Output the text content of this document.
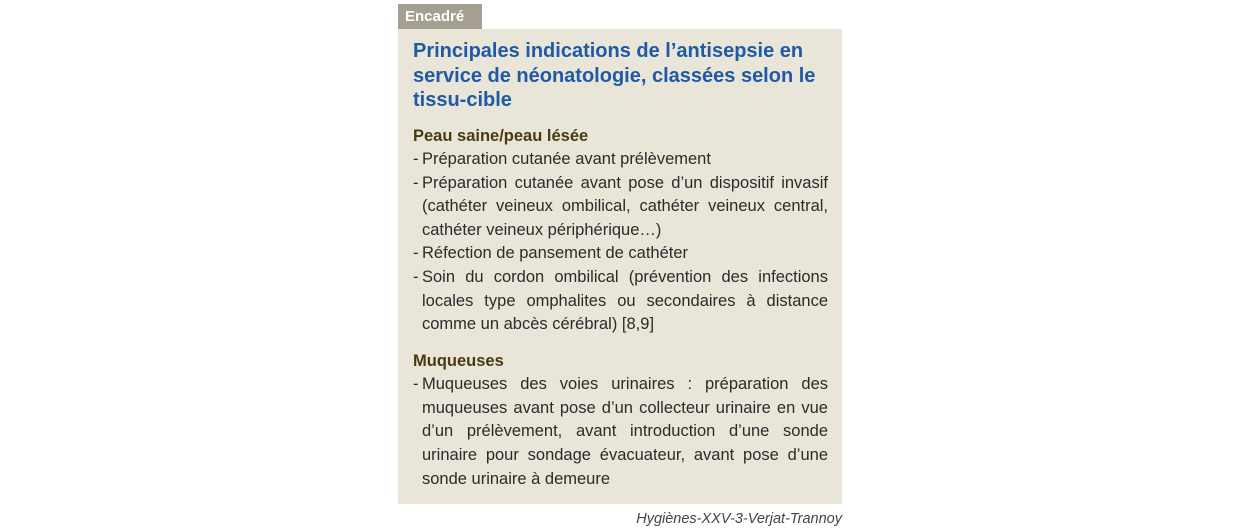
Encadré

Principales indications de l’antisepsie en service de néonatologie, classées selon le tissu-cible

Peau saine/peau lésée

- Préparation cutanée avant prélèvement
- Préparation cutanée avant pose d’un dispositif invasif (cathéter veineux ombilical, cathéter veineux central, cathéter veineux périphérique…)
- Réfection de pansement de cathéter
- Soin du cordon ombilical (prévention des infections locales type omphalites ou secondaires à distance comme un abcès cérébral) [8,9]

Muqueuses

- Muqueuses des voies urinaires : préparation des muqueuses avant pose d’un collecteur urinaire en vue d’un prélèvement, avant introduction d’une sonde urinaire pour sondage évacuateur, avant pose d’une sonde urinaire à demeure
Hygiènes-XXV-3-Verjat-Trannoy
